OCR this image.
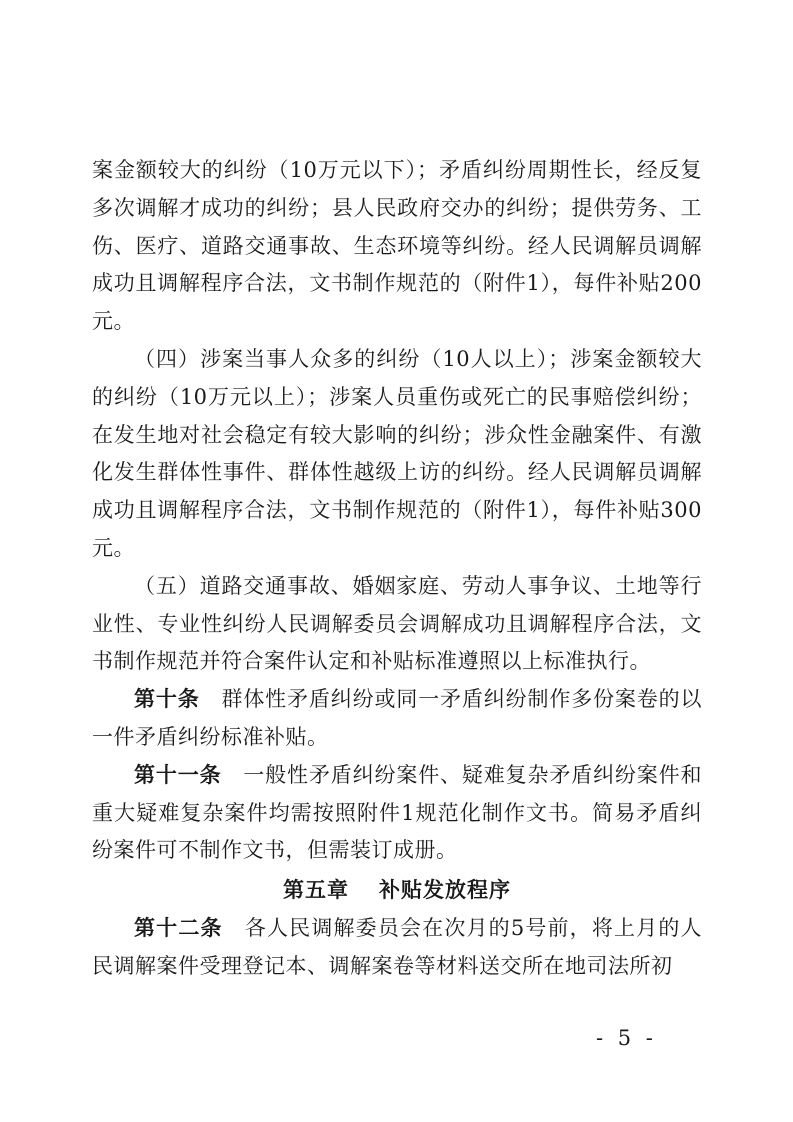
案金额较大的纠纷（10万元以下）；矛盾纠纷周期性长，经反复多次调解才成功的纠纷；县人民政府交办的纠纷；提供劳务、工伤、医疗、道路交通事故、生态环境等纠纷。经人民调解员调解成功且调解程序合法，文书制作规范的（附件1），每件补贴200元。

（四）涉案当事人众多的纠纷（10人以上）；涉案金额较大的纠纷（10万元以上）；涉案人员重伤或死亡的民事赔偿纠纷；在发生地对社会稳定有较大影响的纠纷；涉众性金融案件、有激化发生群体性事件、群体性越级上访的纠纷。经人民调解员调解成功且调解程序合法，文书制作规范的（附件1），每件补贴300元。

（五）道路交通事故、婚姻家庭、劳动人事争议、土地等行业性、专业性纠纷人民调解委员会调解成功且调解程序合法，文书制作规范并符合案件认定和补贴标准遵照以上标准执行。

第十条  群体性矛盾纠纷或同一矛盾纠纷制作多份案卷的以一件矛盾纠纷标准补贴。

第十一条  一般性矛盾纠纷案件、疑难复杂矛盾纠纷案件和重大疑难复杂案件均需按照附件1规范化制作文书。简易矛盾纠纷案件可不制作文书，但需装订成册。

第五章 补贴发放程序

第十二条  各人民调解委员会在次月的5号前，将上月的人民调解案件受理登记本、调解案卷等材料送交所在地司法所初

- 5 -
